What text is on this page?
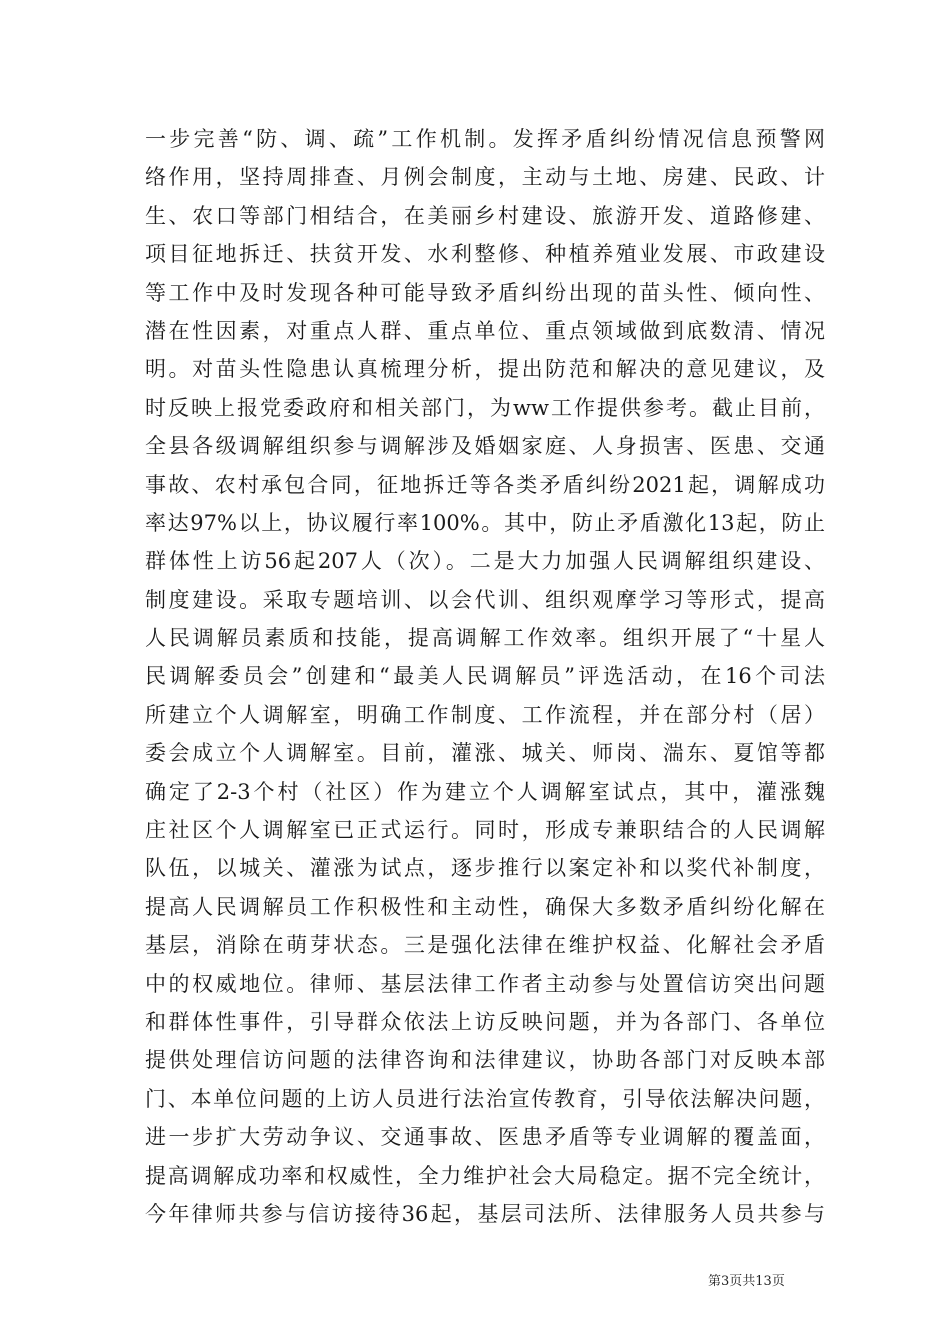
一步完善“防、调、疏”工作机制。发挥矛盾纠纷情况信息预警网
络作用，坚持周排查、月例会制度，主动与土地、房建、民政、计
生、农口等部门相结合，在美丽乡村建设、旅游开发、道路修建、
项目征地拆迁、扶贫开发、水利整修、种植养殖业发展、市政建设
等工作中及时发现各种可能导致矛盾纠纷出现的苗头性、倾向性、
潜在性因素，对重点人群、重点单位、重点领域做到底数清、情况
明。对苗头性隐患认真梳理分析，提出防范和解决的意见建议，及
时反映上报党委政府和相关部门，为ww工作提供参考。截止目前，
全县各级调解组织参与调解涉及婚姻家庭、人身损害、医患、交通
事故、农村承包合同，征地拆迁等各类矛盾纠纷2021起，调解成功
率达97%以上，协议履行率100%。其中，防止矛盾激化13起，防止
群体性上访56起207人（次）。二是大力加强人民调解组织建设、
制度建设。采取专题培训、以会代训、组织观摩学习等形式，提高
人民调解员素质和技能，提高调解工作效率。组织开展了“十星人
民调解委员会”创建和“最美人民调解员”评选活动，在16个司法
所建立个人调解室，明确工作制度、工作流程，并在部分村（居）
委会成立个人调解室。目前，灌涨、城关、师岗、湍东、夏馆等都
确定了2-3个村（社区）作为建立个人调解室试点，其中，灌涨魏
庄社区个人调解室已正式运行。同时，形成专兼职结合的人民调解
队伍，以城关、灌涨为试点，逐步推行以案定补和以奖代补制度，
提高人民调解员工作积极性和主动性，确保大多数矛盾纠纷化解在
基层，消除在萌芽状态。三是强化法律在维护权益、化解社会矛盾
中的权威地位。律师、基层法律工作者主动参与处置信访突出问题
和群体性事件，引导群众依法上访反映问题，并为各部门、各单位
提供处理信访问题的法律咨询和法律建议，协助各部门对反映本部
门、本单位问题的上访人员进行法治宣传教育，引导依法解决问题，
进一步扩大劳动争议、交通事故、医患矛盾等专业调解的覆盖面，
提高调解成功率和权威性，全力维护社会大局稳定。据不完全统计，
今年律师共参与信访接待36起，基层司法所、法律服务人员共参与
第3页共13页
